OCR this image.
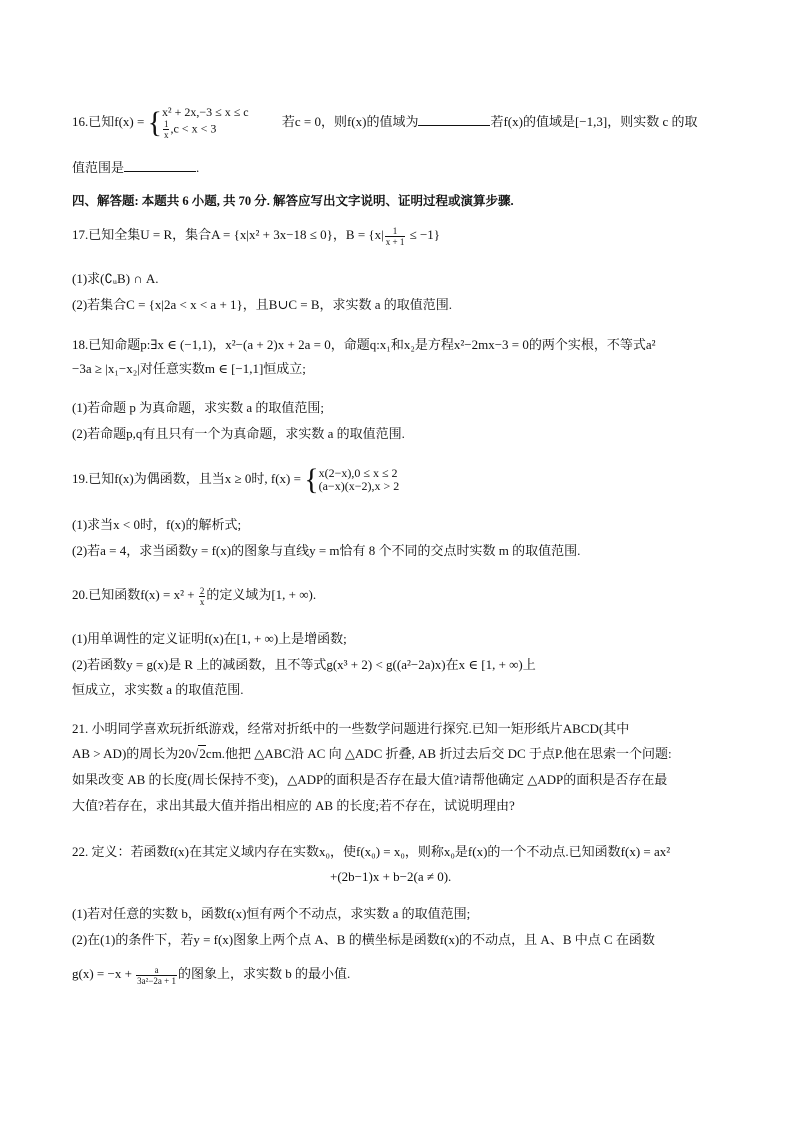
16.已知f(x) = { x² + 2x,−3 ≤ x ≤ c
$\frac{1}{x} ,c < x < 3$	若c = 0，则f(x)的值域为	若f(x)的值域是[−1,3]，则实数 c 的取
值范围是	.
四、解答题: 本题共 6 小题, 共 70 分. 解答应写出文字说明、证明过程或演算步骤.
17.已知全集U = R，集合A = {x|x² + 3x−18 ≤ 0}，$B = \{x| \frac{1}{x + 1} \le -1\}$
(1)求(∁ᵤB) ∩ A.
(2)若集合C = {x|2a < x < a + 1}，且B∪C = B，求实数 a 的取值范围.
18.已知命题p:∃x ∈ (−1,1)，x²−(a + 2)x + 2a = 0，命题q:x₁和x₂是方程x²−2mx−3 = 0的两个实根，不等式a²
−3a ≥ |x₁−x₂|对任意实数m ∈ [−1,1]恒成立;
(1)若命题 p 为真命题，求实数 a 的取值范围;
(2)若命题p,q有且只有一个为真命题，求实数 a 的取值范围.
19.已知f(x)为偶函数，且当x ≥ 0时, f(x) = { x(2−x),0 ≤ x ≤ 2
(a−x)(x−2),x > 2
(1)求当x < 0时，f(x)的解析式;
(2)若a = 4，求当函数y = f(x)的图象与直线y = m恰有 8 个不同的交点时实数 m 的取值范围.
20.已知函数$f(x) = x^2 + \frac{2}{x}$ 的定义域为[1, + ∞).
(1)用单调性的定义证明f(x)在[1, + ∞)上是增函数;
(2)若函数y = g(x)是 R 上的减函数，且不等式g(x³ + 2) < g((a²−2a)x)在x ∈ [1, + ∞)上
恒成立，求实数 a 的取值范围.
21. 小明同学喜欢玩折纸游戏，经常对折纸中的一些数学问题进行探究.已知一矩形纸片ABCD(其中
AB > AD)的周长为20√2cm.他把 △ABC沿 AC 向 △ADC 折叠, AB 折过去后交 DC 于点P.他在思索一个问题:
如果改变 AB 的长度(周长保持不变)，△ADP的面积是否存在最大值?请帮他确定 △ADP的面积是否存在最
大值?若存在，求出其最大值并指出相应的 AB 的长度;若不存在，试说明理由?
22. 定义：若函数f(x)在其定义域内存在实数x₀，使f(x₀) = x₀，则称x₀是f(x)的一个不动点.已知函数f(x) = ax²
+(2b−1)x + b−2(a ≠ 0).
(1)若对任意的实数 b，函数f(x)恒有两个不动点，求实数 a 的取值范围;
(2)在(1)的条件下，若y = f(x)图象上两个点 A、B 的横坐标是函数f(x)的不动点，且 A、B 中点 C 在函数
$g(x) = -x + \frac{a}{\text{3a²−2a + 1}}$ 的图象上，求实数 b 的最小值.
